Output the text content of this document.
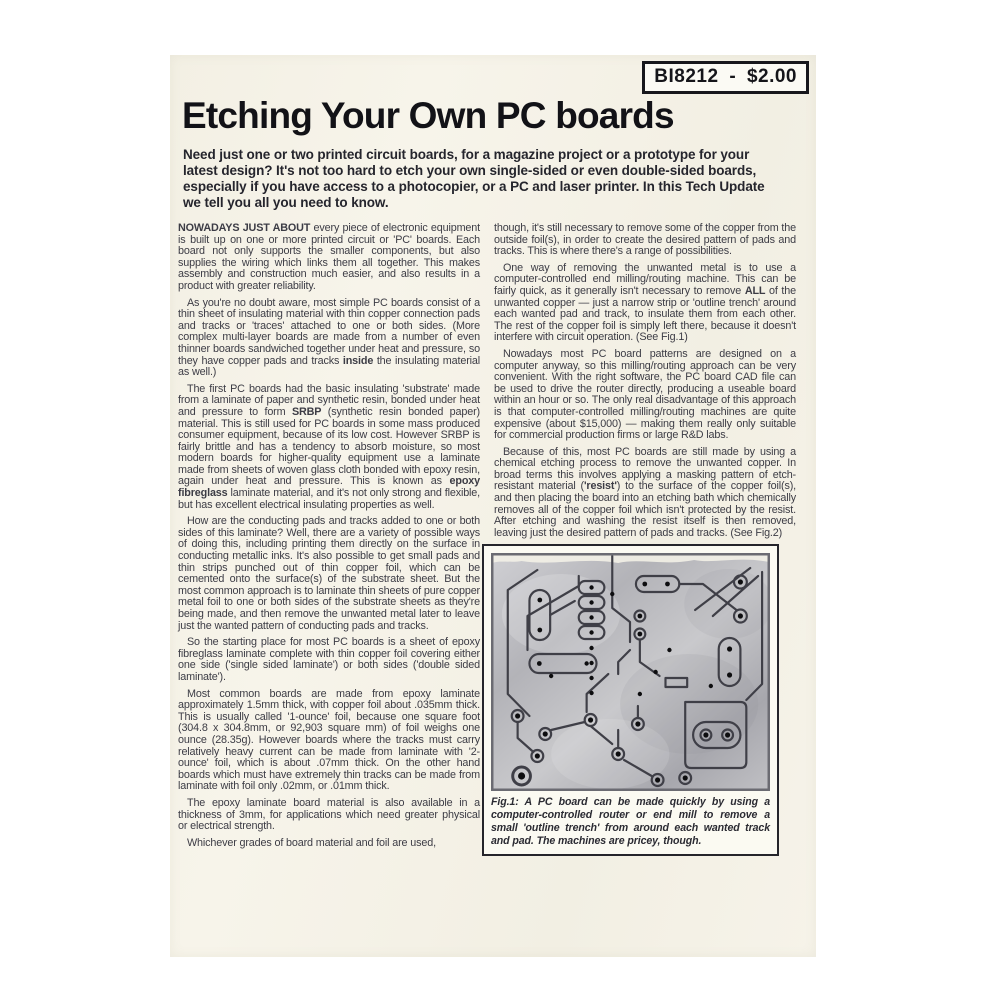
BI8212 - $2.00
Etching Your Own PC boards

Need just one or two printed circuit boards, for a magazine project or a prototype for your latest design? It's not too hard to etch your own single-sided or even double-sided boards, especially if you have access to a photocopier, or a PC and laser printer. In this Tech Update we tell you all you need to know.

NOWADAYS JUST ABOUT every piece of electronic equipment is built up on one or more printed circuit or 'PC' boards. Each board not only supports the smaller components, but also supplies the wiring which links them all together. This makes assembly and construction much easier, and also results in a product with greater reliability.

As you're no doubt aware, most simple PC boards consist of a thin sheet of insulating material with thin copper connection pads and tracks or 'traces' attached to one or both sides. (More complex multi-layer boards are made from a number of even thinner boards sandwiched together under heat and pressure, so they have copper pads and tracks inside the insulating material as well.)

The first PC boards had the basic insulating 'substrate' made from a laminate of paper and synthetic resin, bonded under heat and pressure to form SRBP (synthetic resin bonded paper) material. This is still used for PC boards in some mass produced consumer equipment, because of its low cost. However SRBP is fairly brittle and has a tendency to absorb moisture, so most modern boards for higher-quality equipment use a laminate made from sheets of woven glass cloth bonded with epoxy resin, again under heat and pressure. This is known as epoxy fibreglass laminate material, and it's not only strong and flexible, but has excellent electrical insulating properties as well.

How are the conducting pads and tracks added to one or both sides of this laminate? Well, there are a variety of possible ways of doing this, including printing them directly on the surface in conducting metallic inks. It's also possible to get small pads and thin strips punched out of thin copper foil, which can be cemented onto the surface(s) of the substrate sheet. But the most common approach is to laminate thin sheets of pure copper metal foil to one or both sides of the substrate sheets as they're being made, and then remove the unwanted metal later to leave just the wanted pattern of conducting pads and tracks.

So the starting place for most PC boards is a sheet of epoxy fibreglass laminate complete with thin copper foil covering either one side ('single sided laminate') or both sides ('double sided laminate').

Most common boards are made from epoxy laminate approximately 1.5mm thick, with copper foil about .035mm thick. This is usually called '1-ounce' foil, because one square foot (304.8 x 304.8mm, or 92,903 square mm) of foil weighs one ounce (28.35g). However boards where the tracks must carry relatively heavy current can be made from laminate with '2-ounce' foil, which is about .07mm thick. On the other hand boards which must have extremely thin tracks can be made from laminate with foil only .02mm, or .01mm thick.

The epoxy laminate board material is also available in a thickness of 3mm, for applications which need greater physical or electrical strength.

Whichever grades of board material and foil are used,

though, it's still necessary to remove some of the copper from the outside foil(s), in order to create the desired pattern of pads and tracks. This is where there's a range of possibilities.

One way of removing the unwanted metal is to use a computer-controlled end milling/routing machine. This can be fairly quick, as it generally isn't necessary to remove ALL of the unwanted copper — just a narrow strip or 'outline trench' around each wanted pad and track, to insulate them from each other. The rest of the copper foil is simply left there, because it doesn't interfere with circuit operation. (See Fig.1)

Nowadays most PC board patterns are designed on a computer anyway, so this milling/routing approach can be very convenient. With the right software, the PC board CAD file can be used to drive the router directly, producing a useable board within an hour or so. The only real disadvantage of this approach is that computer-controlled milling/routing machines are quite expensive (about $15,000) — making them really only suitable for commercial production firms or large R&D labs.

Because of this, most PC boards are still made by using a chemical etching process to remove the unwanted copper. In broad terms this involves applying a masking pattern of etch-resistant material ('resist') to the surface of the copper foil(s), and then placing the board into an etching bath which chemically removes all of the copper foil which isn't protected by the resist. After etching and washing the resist itself is then removed, leaving just the desired pattern of pads and tracks. (See Fig.2)

Fig.1: A PC board can be made quickly by using a computer-controlled router or end mill to remove a small 'outline trench' from around each wanted track and pad. The machines are pricey, though.
